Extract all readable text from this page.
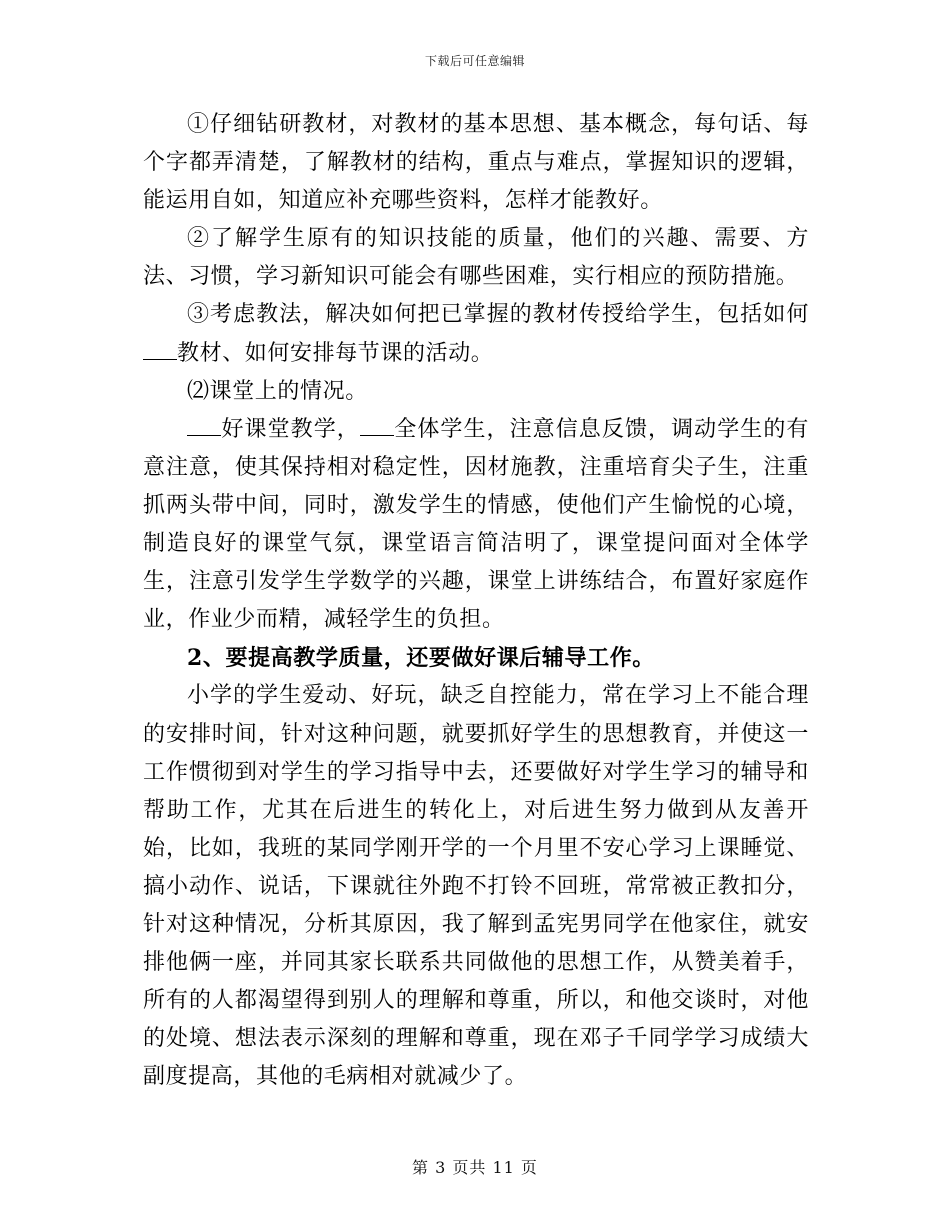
下载后可任意编辑

①仔细钻研教材，对教材的基本思想、基本概念，每句话、每个字都弄清楚，了解教材的结构，重点与难点，掌握知识的逻辑，能运用自如，知道应补充哪些资料，怎样才能教好。

②了解学生原有的知识技能的质量，他们的兴趣、需要、方法、习惯，学习新知识可能会有哪些困难，实行相应的预防措施。

③考虑教法，解决如何把已掌握的教材传授给学生，包括如何教材、如何安排每节课的活动。

⑵课堂上的情况。

好课堂教学， 全体学生，注意信息反馈，调动学生的有意注意，使其保持相对稳定性，因材施教，注重培育尖子生，注重抓两头带中间，同时，激发学生的情感，使他们产生愉悦的心境，制造良好的课堂气氛，课堂语言简洁明了，课堂提问面对全体学生，注意引发学生学数学的兴趣，课堂上讲练结合，布置好家庭作业，作业少而精，减轻学生的负担。

2、要提高教学质量，还要做好课后辅导工作。

小学的学生爱动、好玩，缺乏自控能力，常在学习上不能合理的安排时间，针对这种问题，就要抓好学生的思想教育，并使这一工作惯彻到对学生的学习指导中去，还要做好对学生学习的辅导和帮助工作，尤其在后进生的转化上，对后进生努力做到从友善开始，比如，我班的某同学刚开学的一个月里不安心学习上课睡觉、搞小动作、说话，下课就往外跑不打铃不回班，常常被正教扣分，针对这种情况，分析其原因，我了解到孟宪男同学在他家住，就安排他俩一座，并同其家长联系共同做他的思想工作，从赞美着手，所有的人都渴望得到别人的理解和尊重，所以，和他交谈时，对他的处境、想法表示深刻的理解和尊重，现在邓子千同学学习成绩大副度提高，其他的毛病相对就减少了。

第 3 页共 11 页
